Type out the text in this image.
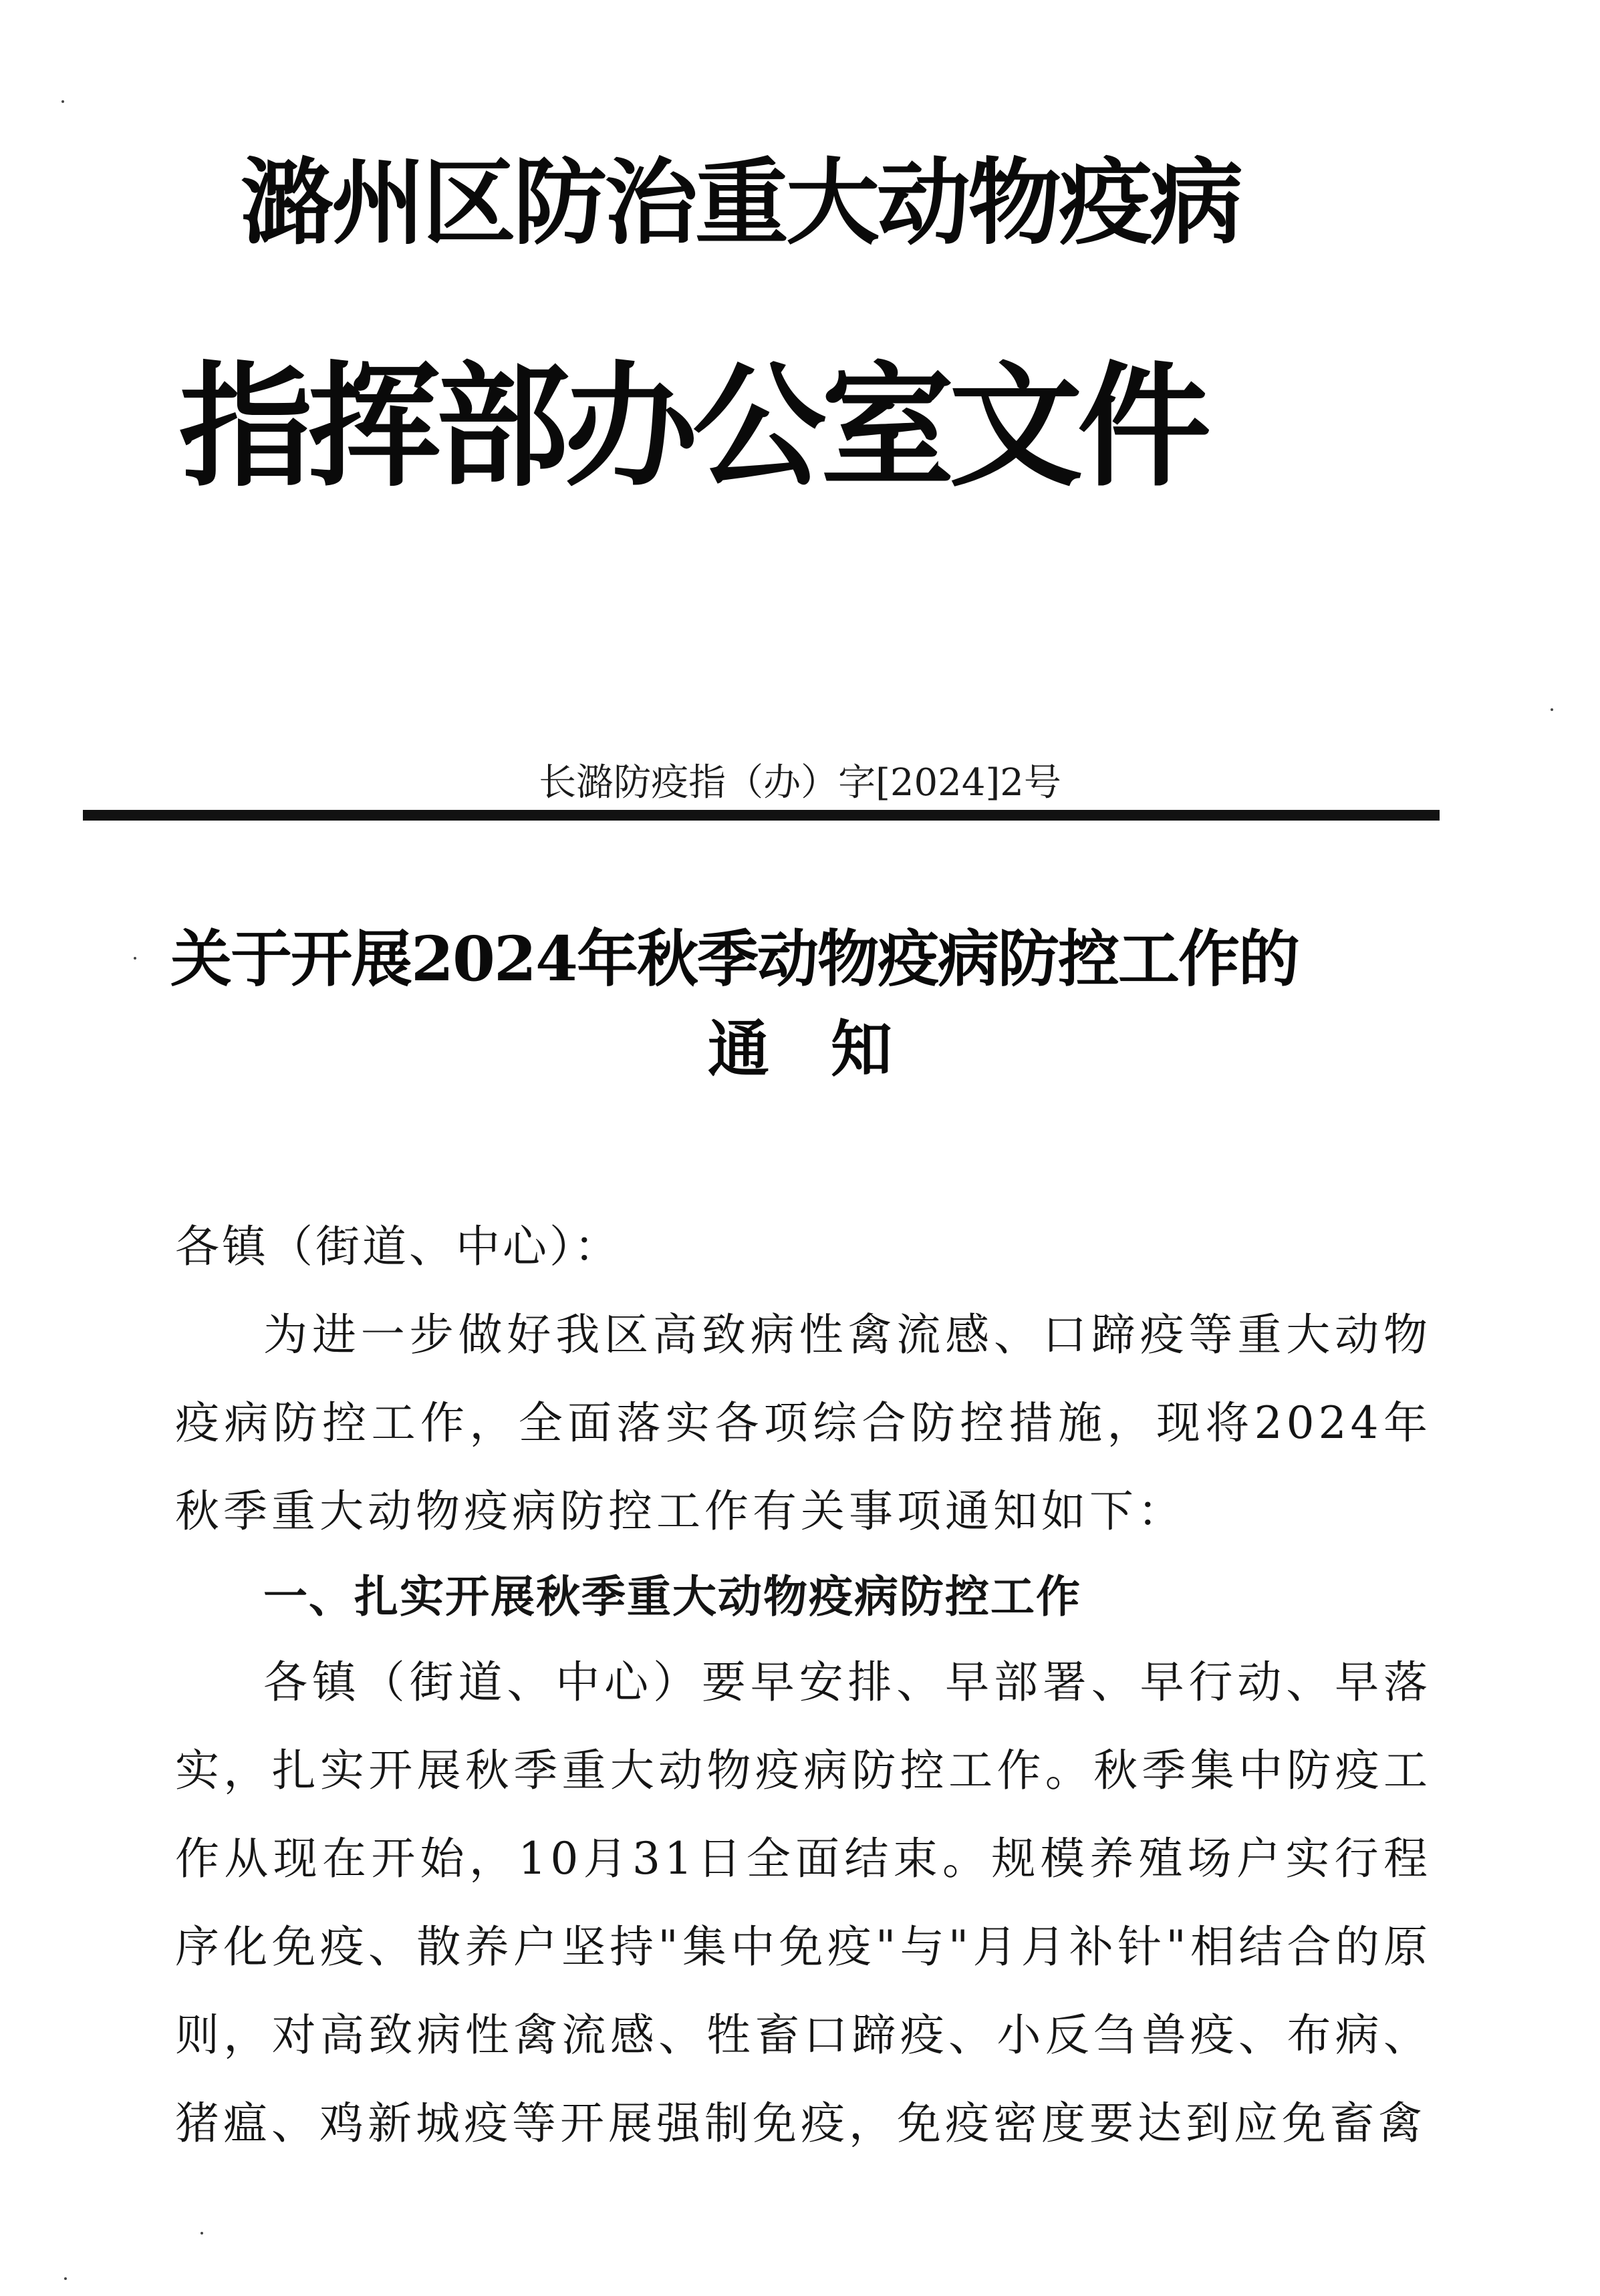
潞州区防治重大动物疫病
指挥部办公室文件
长潞防疫指（办）字[2024]2号
关于开展2024年秋季动物疫病防控工作的
通　知

各镇（街道、中心）：

为进一步做好我区高致病性禽流感、口蹄疫等重大动物疫病防控工作，全面落实各项综合防控措施，现将2024年秋季重大动物疫病防控工作有关事项通知如下：

一、扎实开展秋季重大动物疫病防控工作

各镇（街道、中心）要早安排、早部署、早行动、早落实，扎实开展秋季重大动物疫病防控工作。秋季集中防疫工作从现在开始，10月31日全面结束。规模养殖场户实行程序化免疫、散养户坚持"集中免疫"与"月月补针"相结合的原则，对高致病性禽流感、牲畜口蹄疫、小反刍兽疫、布病、猪瘟、鸡新城疫等开展强制免疫，免疫密度要达到应免畜禽
